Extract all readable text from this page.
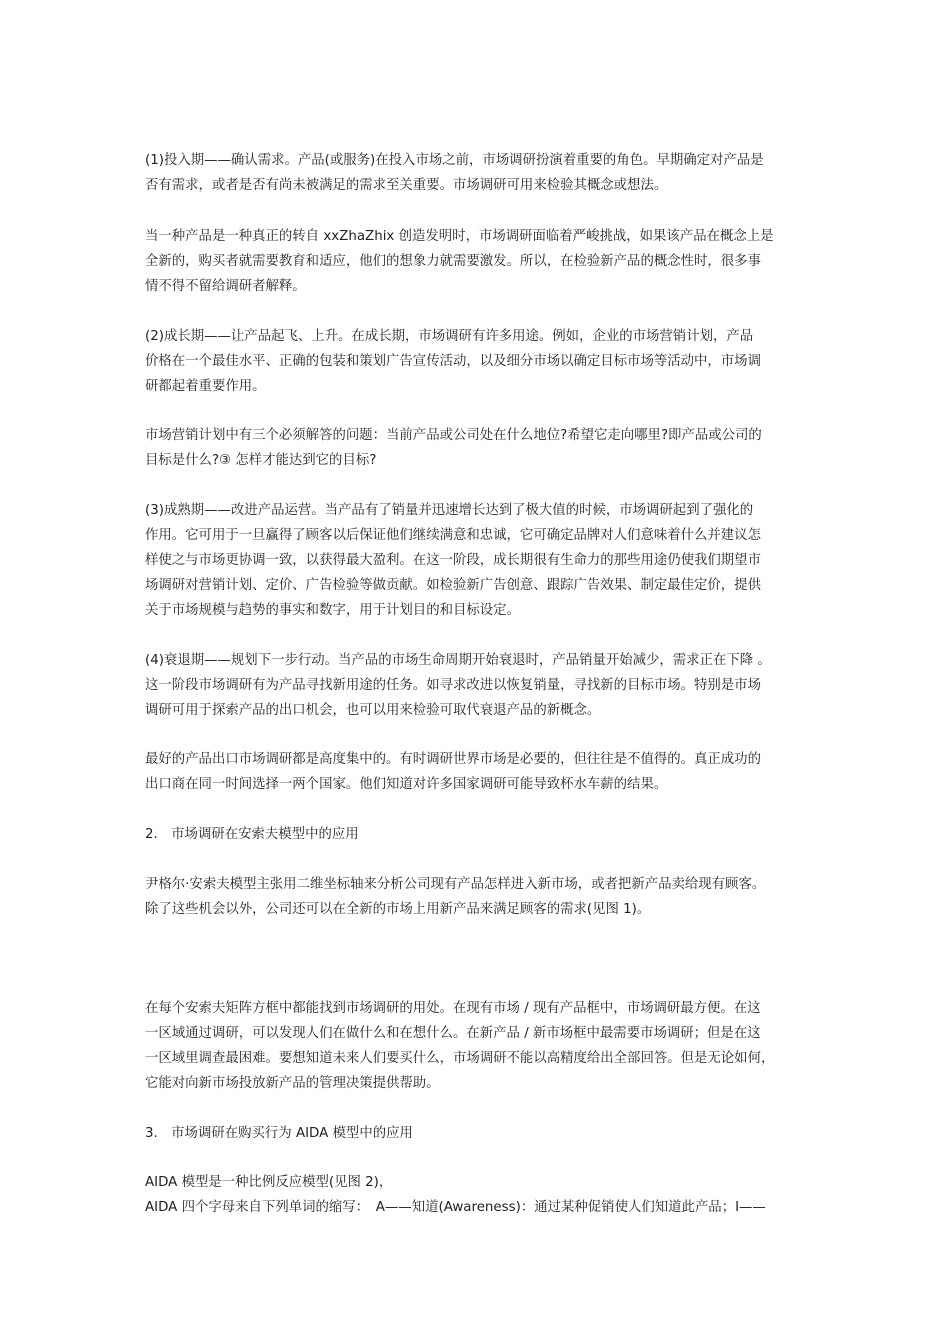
(1)投入期——确认需求。产品(或服务)在投入市场之前，市场调研扮演着重要的角色。早期确定对产品是
否有需求，或者是否有尚未被满足的需求至关重要。市场调研可用来检验其概念或想法。
当一种产品是一种真正的转自 xxZhaZhix 创造发明时，市场调研面临着严峻挑战，如果该产品在概念上是
全新的，购买者就需要教育和适应，他们的想象力就需要激发。所以，在检验新产品的概念性时，很多事
情不得不留给调研者解释。
(2)成长期——让产品起飞、上升。在成长期，市场调研有许多用途。例如，企业的市场营销计划，产品
价格在一个最佳水平、正确的包装和策划广告宣传活动，以及细分市场以确定目标市场等活动中，市场调
研都起着重要作用。
市场营销计划中有三个必须解答的问题：当前产品或公司处在什么地位?希望它走向哪里?即产品或公司的
目标是什么?③ 怎样才能达到它的目标?
(3)成熟期——改进产品运营。当产品有了销量并迅速增长达到了极大值的时候，市场调研起到了强化的
作用。它可用于一旦赢得了顾客以后保证他们继续满意和忠诚，它可确定品牌对人们意味着什么并建议怎
样使之与市场更协调一致，以获得最大盈利。在这一阶段，成长期很有生命力的那些用途仍使我们期望市
场调研对营销计划、定价、广告检验等做贡献。如检验新广告创意、跟踪广告效果、制定最佳定价，提供
关于市场规模与趋势的事实和数字，用于计划目的和目标设定。
(4)衰退期——规划下一步行动。当产品的市场生命周期开始衰退时，产品销量开始减少，需求正在下降 。
这一阶段市场调研有为产品寻找新用途的任务。如寻求改进以恢复销量，寻找新的目标市场。特别是市场
调研可用于探索产品的出口机会，也可以用来检验可取代衰退产品的新概念。
最好的产品出口市场调研都是高度集中的。有时调研世界市场是必要的，但往往是不值得的。真正成功的
出口商在同一时间选择一两个国家。他们知道对许多国家调研可能导致杯水车薪的结果。
2.　市场调研在安索夫模型中的应用
尹格尔·安索夫模型主张用二维坐标轴来分析公司现有产品怎样进入新市场，或者把新产品卖给现有顾客。
除了这些机会以外，公司还可以在全新的市场上用新产品来满足顾客的需求(见图 1)。
在每个安索夫矩阵方框中都能找到市场调研的用处。在现有市场 / 现有产品框中，市场调研最方便。在这
一区域通过调研，可以发现人们在做什么和在想什么。在新产品 / 新市场框中最需要市场调研；但是在这
一区域里调查最困难。要想知道未来人们要买什么，市场调研不能以高精度给出全部回答。但是无论如何，
它能对向新市场投放新产品的管理决策提供帮助。
3.　市场调研在购买行为 AIDA 模型中的应用
AIDA 模型是一种比例反应模型(见图 2)，
AIDA 四个字母来自下列单词的缩写：　A——知道(Awareness)：通过某种促销使人们知道此产品；I——
